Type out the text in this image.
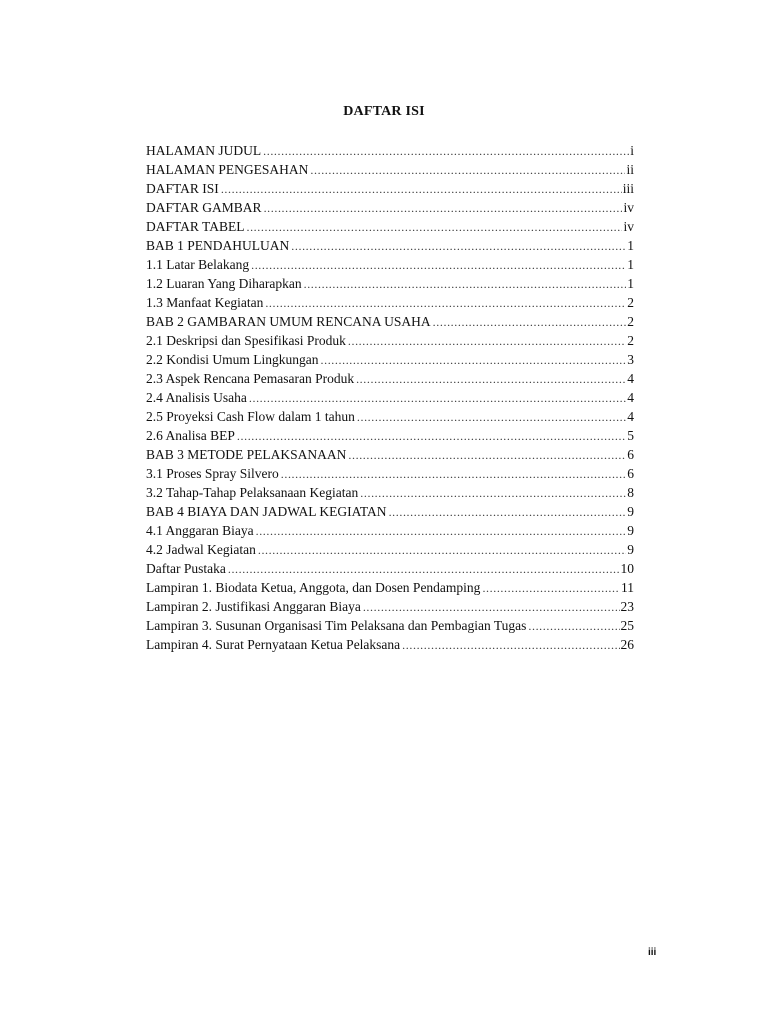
DAFTAR ISI
HALAMAN JUDUL .....	i
HALAMAN PENGESAHAN .....	ii
DAFTAR ISI .....	iii
DAFTAR GAMBAR .....	iv
DAFTAR TABEL .....	iv
BAB 1 PENDAHULUAN .....	1
1.1 Latar Belakang .....	1
1.2 Luaran Yang Diharapkan .....	1
1.3 Manfaat Kegiatan .....	2
BAB 2 GAMBARAN UMUM RENCANA USAHA .....	2
2.1 Deskripsi dan Spesifikasi Produk .....	2
2.2 Kondisi Umum Lingkungan .....	3
2.3 Aspek Rencana Pemasaran Produk .....	4
2.4 Analisis Usaha .....	4
2.5 Proyeksi Cash Flow dalam 1 tahun .....	4
2.6 Analisa BEP .....	5
BAB 3 METODE PELAKSANAAN .....	6
3.1 Proses Spray Silvero .....	6
3.2 Tahap-Tahap Pelaksanaan Kegiatan .....	8
BAB 4 BIAYA DAN JADWAL KEGIATAN .....	9
4.1 Anggaran Biaya .....	9
4.2 Jadwal Kegiatan .....	9
Daftar Pustaka .....	10
Lampiran 1. Biodata Ketua, Anggota, dan Dosen Pendamping .....	11
Lampiran 2. Justifikasi Anggaran Biaya .....	23
Lampiran 3. Susunan Organisasi Tim Pelaksana dan Pembagian Tugas .....	25
Lampiran 4. Surat Pernyataan Ketua Pelaksana .....	26
iii
